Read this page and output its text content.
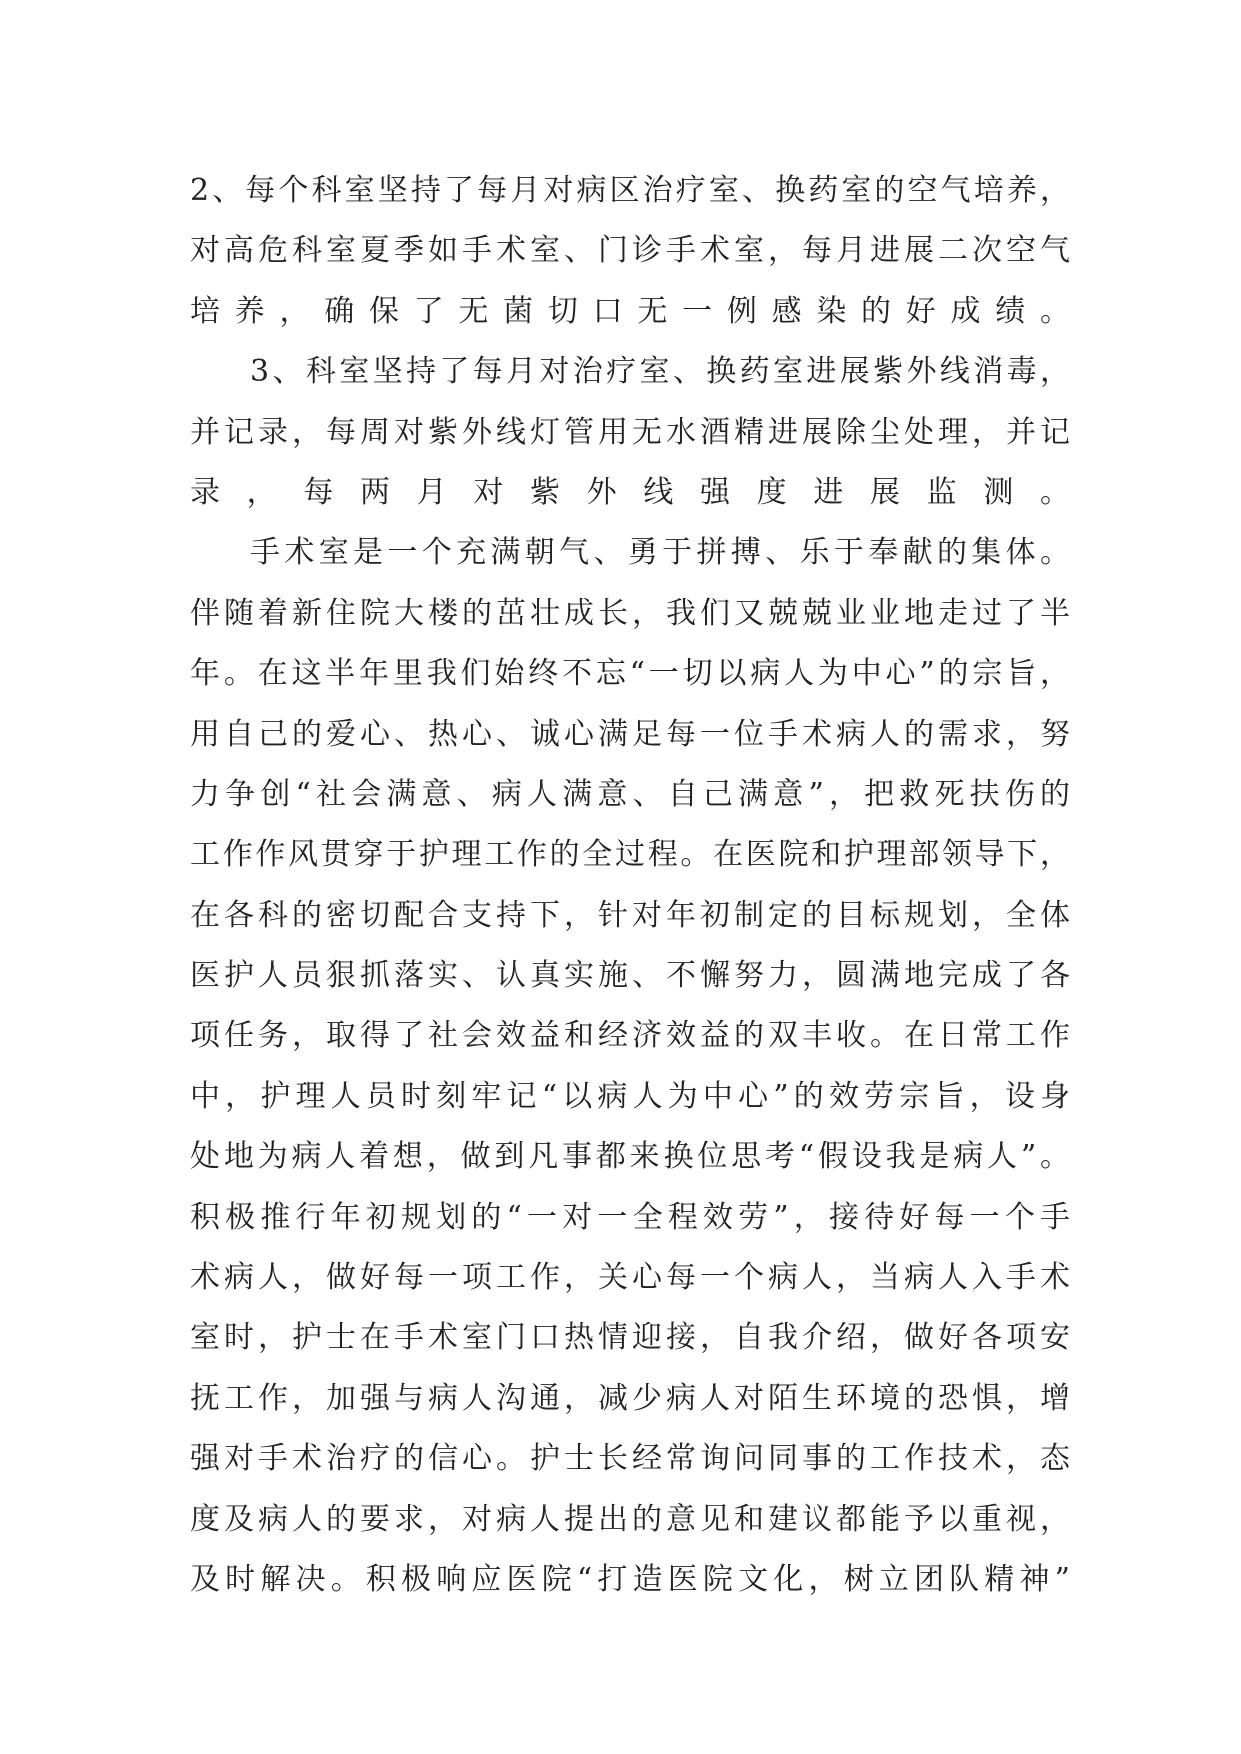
2、每个科室坚持了每月对病区治疗室、换药室的空气培养，
对高危科室夏季如手术室、门诊手术室，每月进展二次空气
培养，确保了无菌切口无一例感染的好成绩。
3、科室坚持了每月对治疗室、换药室进展紫外线消毒，
并记录，每周对紫外线灯管用无水酒精进展除尘处理，并记
录，每两月对紫外线强度进展监测。
手术室是一个充满朝气、勇于拼搏、乐于奉献的集体。
伴随着新住院大楼的茁壮成长，我们又兢兢业业地走过了半
年。在这半年里我们始终不忘“一切以病人为中心”的宗旨，
用自己的爱心、热心、诚心满足每一位手术病人的需求，努
力争创“社会满意、病人满意、自己满意”，把救死扶伤的
工作作风贯穿于护理工作的全过程。在医院和护理部领导下，
在各科的密切配合支持下，针对年初制定的目标规划，全体
医护人员狠抓落实、认真实施、不懈努力，圆满地完成了各
项任务，取得了社会效益和经济效益的双丰收。在日常工作
中，护理人员时刻牢记“以病人为中心”的效劳宗旨，设身
处地为病人着想，做到凡事都来换位思考“假设我是病人”。
积极推行年初规划的“一对一全程效劳”，接待好每一个手
术病人，做好每一项工作，关心每一个病人，当病人入手术
室时，护士在手术室门口热情迎接，自我介绍，做好各项安
抚工作，加强与病人沟通，减少病人对陌生环境的恐惧，增
强对手术治疗的信心。护士长经常询问同事的工作技术，态
度及病人的要求，对病人提出的意见和建议都能予以重视，
及时解决。积极响应医院“打造医院文化，树立团队精神”
